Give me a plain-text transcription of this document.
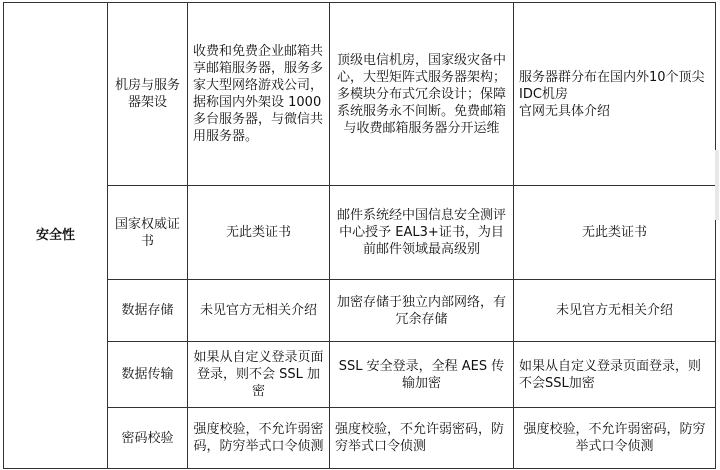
安全性	机房与服务器架设	收费和免费企业邮箱共享邮箱服务器，服务多家大型网络游戏公司，据称国内外架设 1000 多台服务器，与微信共用服务器。	顶级电信机房，国家级灾备中心，大型矩阵式服务器架构；多模块分布式冗余设计；保障系统服务永不间断。免费邮箱与收费邮箱服务器分开运维	服务器群分布在国内外10个顶尖IDC机房
官网无具体介绍
	国家权威证书	无此类证书	邮件系统经中国信息安全测评中心授予 EAL3+证书，为目前邮件领域最高级别	无此类证书
	数据存储	未见官方无相关介绍	加密存储于独立内部网络，有冗余存储	未见官方无相关介绍
	数据传输	如果从自定义登录页面登录，则不会 SSL 加密	SSL 安全登录，全程 AES 传输加密	如果从自定义登录页面登录，则不会SSL加密
	密码校验	强度校验，不允许弱密码，防穷举式口令侦测	强度校验，不允许弱密码，防穷举式口令侦测	强度校验，不允许弱密码，防穷举式口令侦测
